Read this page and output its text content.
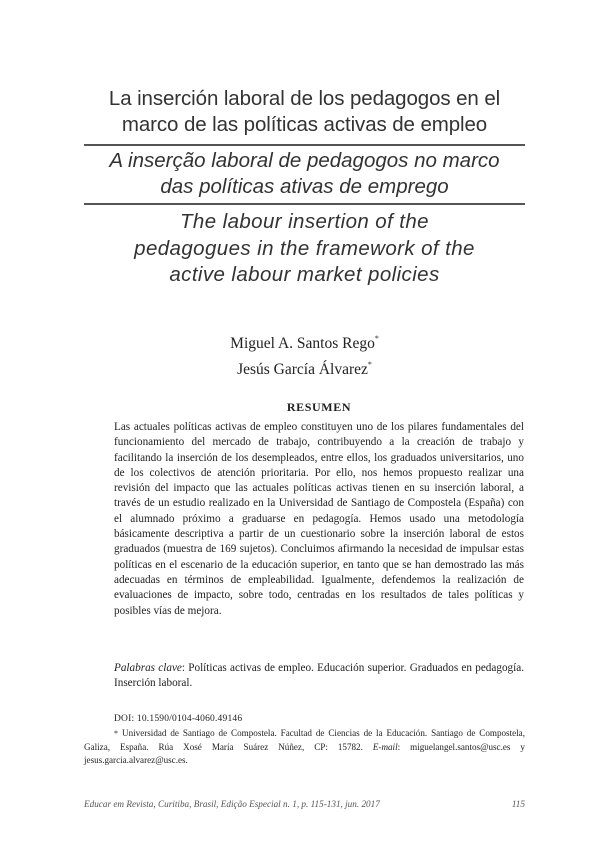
La inserción laboral de los pedagogos en el
marco de las políticas activas de empleo
A inserção laboral de pedagogos no marco
das políticas ativas de emprego
The labour insertion of the
pedagogues in the framework of the
active labour market policies
Miguel A. Santos Rego*
Jesús García Álvarez*
RESUMEN
Las actuales políticas activas de empleo constituyen uno de los pilares fundamentales del funcionamiento del mercado de trabajo, contribuyendo a la creación de trabajo y facilitando la inserción de los desempleados, entre ellos, los graduados universitarios, uno de los colectivos de atención prioritaria. Por ello, nos hemos propuesto realizar una revisión del impacto que las actuales políticas activas tienen en su inserción laboral, a través de un estudio realizado en la Universidad de Santiago de Compostela (España) con el alumnado próximo a graduarse en pedagogía. Hemos usado una metodología básicamente descriptiva a partir de un cuestionario sobre la inserción laboral de estos graduados (muestra de 169 sujetos). Concluimos afirmando la necesidad de impulsar estas políticas en el escenario de la educación superior, en tanto que se han demostrado las más adecuadas en términos de empleabilidad. Igualmente, defendemos la realización de evaluaciones de impacto, sobre todo, centradas en los resultados de tales políticas y posibles vías de mejora.
Palabras clave: Políticas activas de empleo. Educación superior. Graduados en pedagogía. Inserción laboral.
DOI: 10.1590/0104-4060.49146
* Universidad de Santiago de Compostela. Facultad de Ciencias de la Educación. Santiago de Compostela, Galiza, España. Rúa Xosé María Suárez Núñez, CP: 15782. E-mail: miguelangel.santos@usc.es y jesus.garcia.alvarez@usc.es.
Educar em Revista, Curitiba, Brasil, Edição Especial n. 1, p. 115-131, jun. 2017	115
